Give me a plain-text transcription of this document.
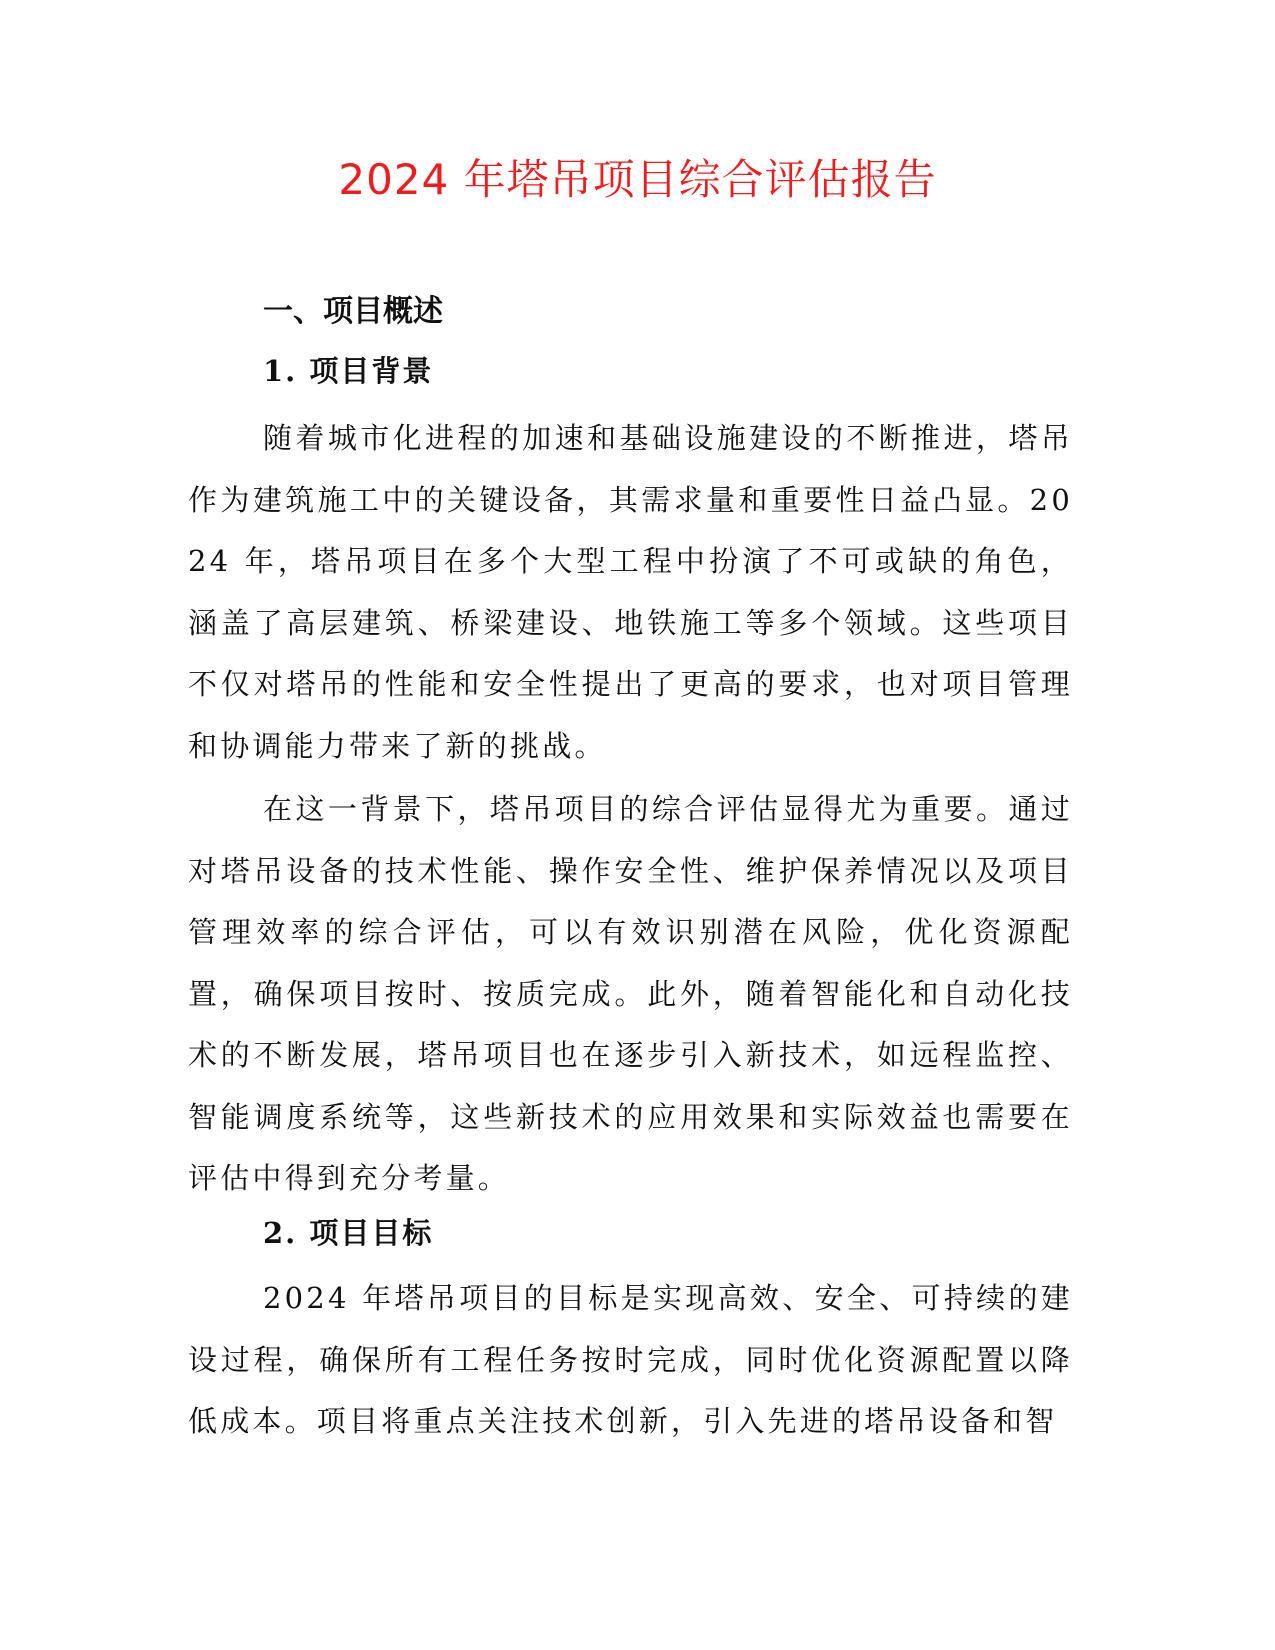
2024 年塔吊项目综合评估报告
一、项目概述
1. 项目背景

随着城市化进程的加速和基础设施建设的不断推进，塔吊作为建筑施工中的关键设备，其需求量和重要性日益凸显。2024 年，塔吊项目在多个大型工程中扮演了不可或缺的角色，涵盖了高层建筑、桥梁建设、地铁施工等多个领域。这些项目不仅对塔吊的性能和安全性提出了更高的要求，也对项目管理和协调能力带来了新的挑战。

在这一背景下，塔吊项目的综合评估显得尤为重要。通过对塔吊设备的技术性能、操作安全性、维护保养情况以及项目管理效率的综合评估，可以有效识别潜在风险，优化资源配置，确保项目按时、按质完成。此外，随着智能化和自动化技术的不断发展，塔吊项目也在逐步引入新技术，如远程监控、智能调度系统等，这些新技术的应用效果和实际效益也需要在评估中得到充分考量。

2. 项目目标

2024 年塔吊项目的目标是实现高效、安全、可持续的建设过程，确保所有工程任务按时完成，同时优化资源配置以降低成本。项目将重点关注技术创新，引入先进的塔吊设备和智
